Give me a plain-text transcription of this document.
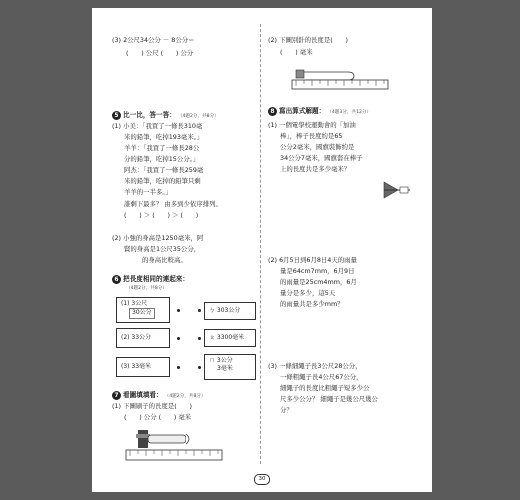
(3) 2公尺34公分 － 8公分＝
(　　) 公尺 (　　) 公分
5 比一比，答一答： （4題2分，共8分）
(1) 小美：「我買了一條長310毫
米的鉛筆，吃掉193毫米。」
羊羊：「我買了一條長28公
分的鉛筆，吃掉15公分。」
阿杰：「我買了一條長259毫
米的鉛筆，吃掉的鉛筆只剩
羊羊的一半多。」
誰剩下最多？ 由多到少依序排列。
(　　) ＞ (　　) ＞ (　　)
(2) 小強的身高是1250毫米，阿
賢的身高是1公尺35公分，
的身高比較高。
6 把長度相同的連起來：
（4題2分，共8分）
(1) 3公尺
30公分
(2) 33公分
(3) 33毫米
ㄅ 303公分
ㄆ 3300毫米
ㄇ 3公分
3毫米
7 看圖填填看： （4題2分，共8分）
(1) 下圖刷子的長度是(　　)
(　　) 公分 (　　) 毫米
(2) 下圖別針的長度是(　　)
(　　) 毫米
8 寫出算式解題： （4題3分，共12分）
(1) 一個電學校運動會的「加油
棒」，棒子長度約是65
公分2毫米，國旗裝飾約是
34公分7毫米，國旗套在棒子
上的長度共是多少毫米？
(2) 6月5日到6月8日4天的雨量
量是64cm7mm，6月9日
的雨量是25cm4mm，6月
量分是多少，這5天
的雨量共是多少mm？
(3) 一條細繩子長3公尺28公分，
一條粗繩子長4公尺67公分，
細繩子的長度比粗繩子短多少公
尺多少公分？ 細繩子是幾公尺幾公
分？
30
